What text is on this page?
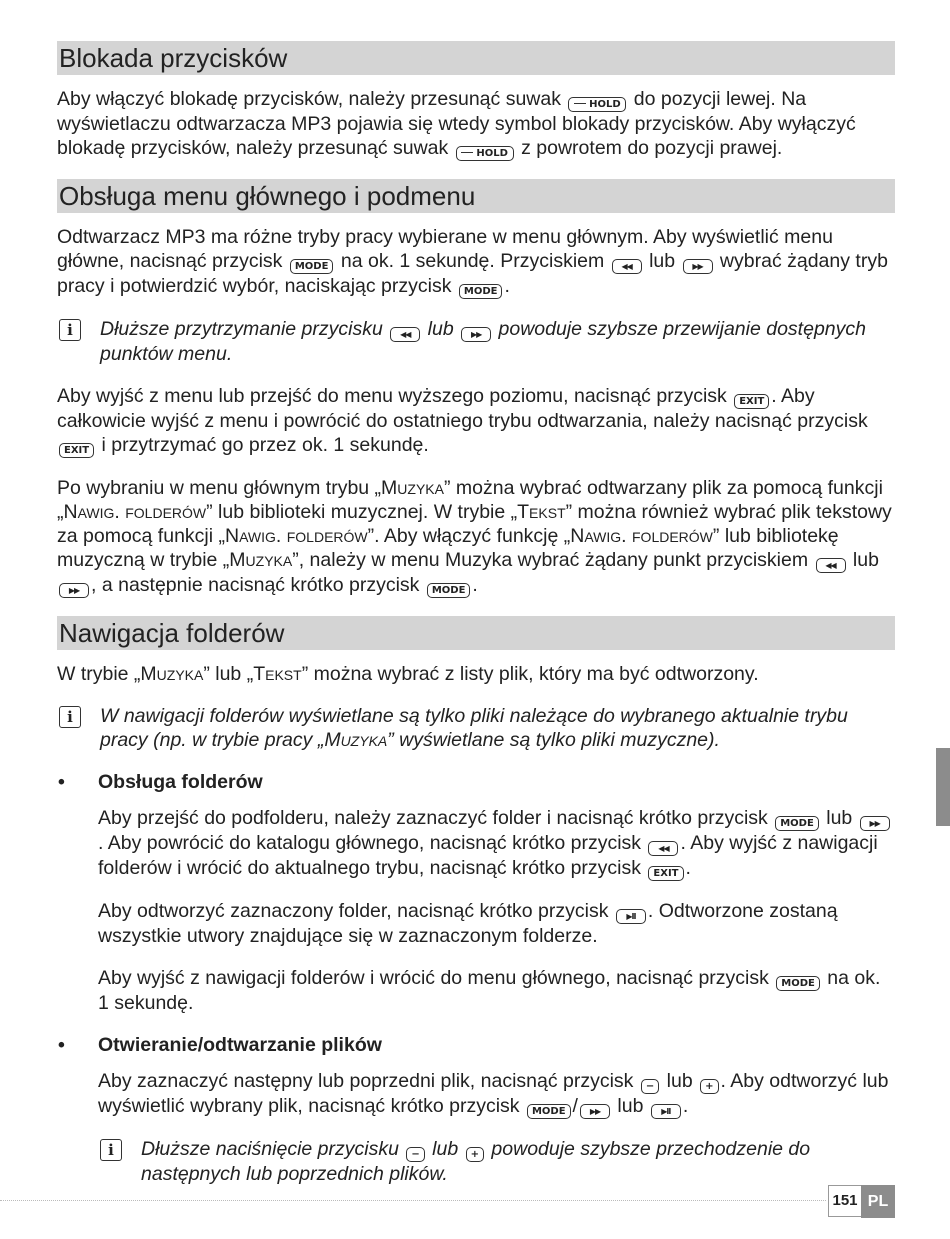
Blokada przycisków

Aby włączyć blokadę przycisków, należy przesunąć suwak HOLD do pozycji lewej. Na wyświetlaczu odtwarzacza MP3 pojawia się wtedy symbol blokady przycisków. Aby wyłączyć blokadę przycisków, należy przesunąć suwak HOLD z powrotem do pozycji prawej.

Obsługa menu głównego i podmenu

Odtwarzacz MP3 ma różne tryby pracy wybierane w menu głównym. Aby wyświetlić menu główne, nacisnąć przycisk MODE na ok. 1 sekundę. Przyciskiem ◀◀ lub ▶▶ wybrać żądany tryb pracy i potwierdzić wybór, naciskając przycisk MODE .

i	Dłuższe przytrzymanie przycisku ◀◀ lub ▶▶ powoduje szybsze przewijanie dostępnych punktów menu.

Aby wyjść z menu lub przejść do menu wyższego poziomu, nacisnąć przycisk EXIT . Aby całkowicie wyjść z menu i powrócić do ostatniego trybu odtwarzania, należy nacisnąć przycisk EXIT i przytrzymać go przez ok. 1 sekundę.

Po wybraniu w menu głównym trybu „Muzyka” można wybrać odtwarzany plik za pomocą funkcji „Nawig. folderów” lub biblioteki muzycznej. W trybie „Tekst” można również wybrać plik tekstowy za pomocą funkcji „Nawig. folderów”. Aby włączyć funkcję „Nawig. folderów” lub bibliotekę muzyczną w trybie „Muzyka”, należy w menu Muzyka wybrać żądany punkt przyciskiem ◀◀ lub ▶▶ , a następnie nacisnąć krótko przycisk MODE .

Nawigacja folderów

W trybie „Muzyka” lub „Tekst” można wybrać z listy plik, który ma być odtworzony.

i	W nawigacji folderów wyświetlane są tylko pliki należące do wybranego aktualnie trybu pracy (np. w trybie pracy „Muzyka” wyświetlane są tylko pliki muzyczne).

• Obsługa folderów

Aby przejść do podfolderu, należy zaznaczyć folder i nacisnąć krótko przycisk MODE lub ▶▶. Aby powrócić do katalogu głównego, nacisnąć krótko przycisk ◀◀ . Aby wyjść z nawigacji folderów i wrócić do aktualnego trybu, nacisnąć krótko przycisk EXIT .

Aby odtworzyć zaznaczony folder, nacisnąć krótko przycisk ▶II . Odtworzone zostaną wszystkie utwory znajdujące się w zaznaczonym folderze.

Aby wyjść z nawigacji folderów i wrócić do menu głównego, nacisnąć przycisk MODE na ok. 1 sekundę.

• Otwieranie/odtwarzanie plików

Aby zaznaczyć następny lub poprzedni plik, nacisnąć przycisk − lub + . Aby odtworzyć lub wyświetlić wybrany plik, nacisnąć krótko przycisk MODE / ▶▶ lub ▶II .

i	Dłuższe naciśnięcie przycisku − lub + powoduje szybsze przechodzenie do następnych lub poprzednich plików.

151 PL
